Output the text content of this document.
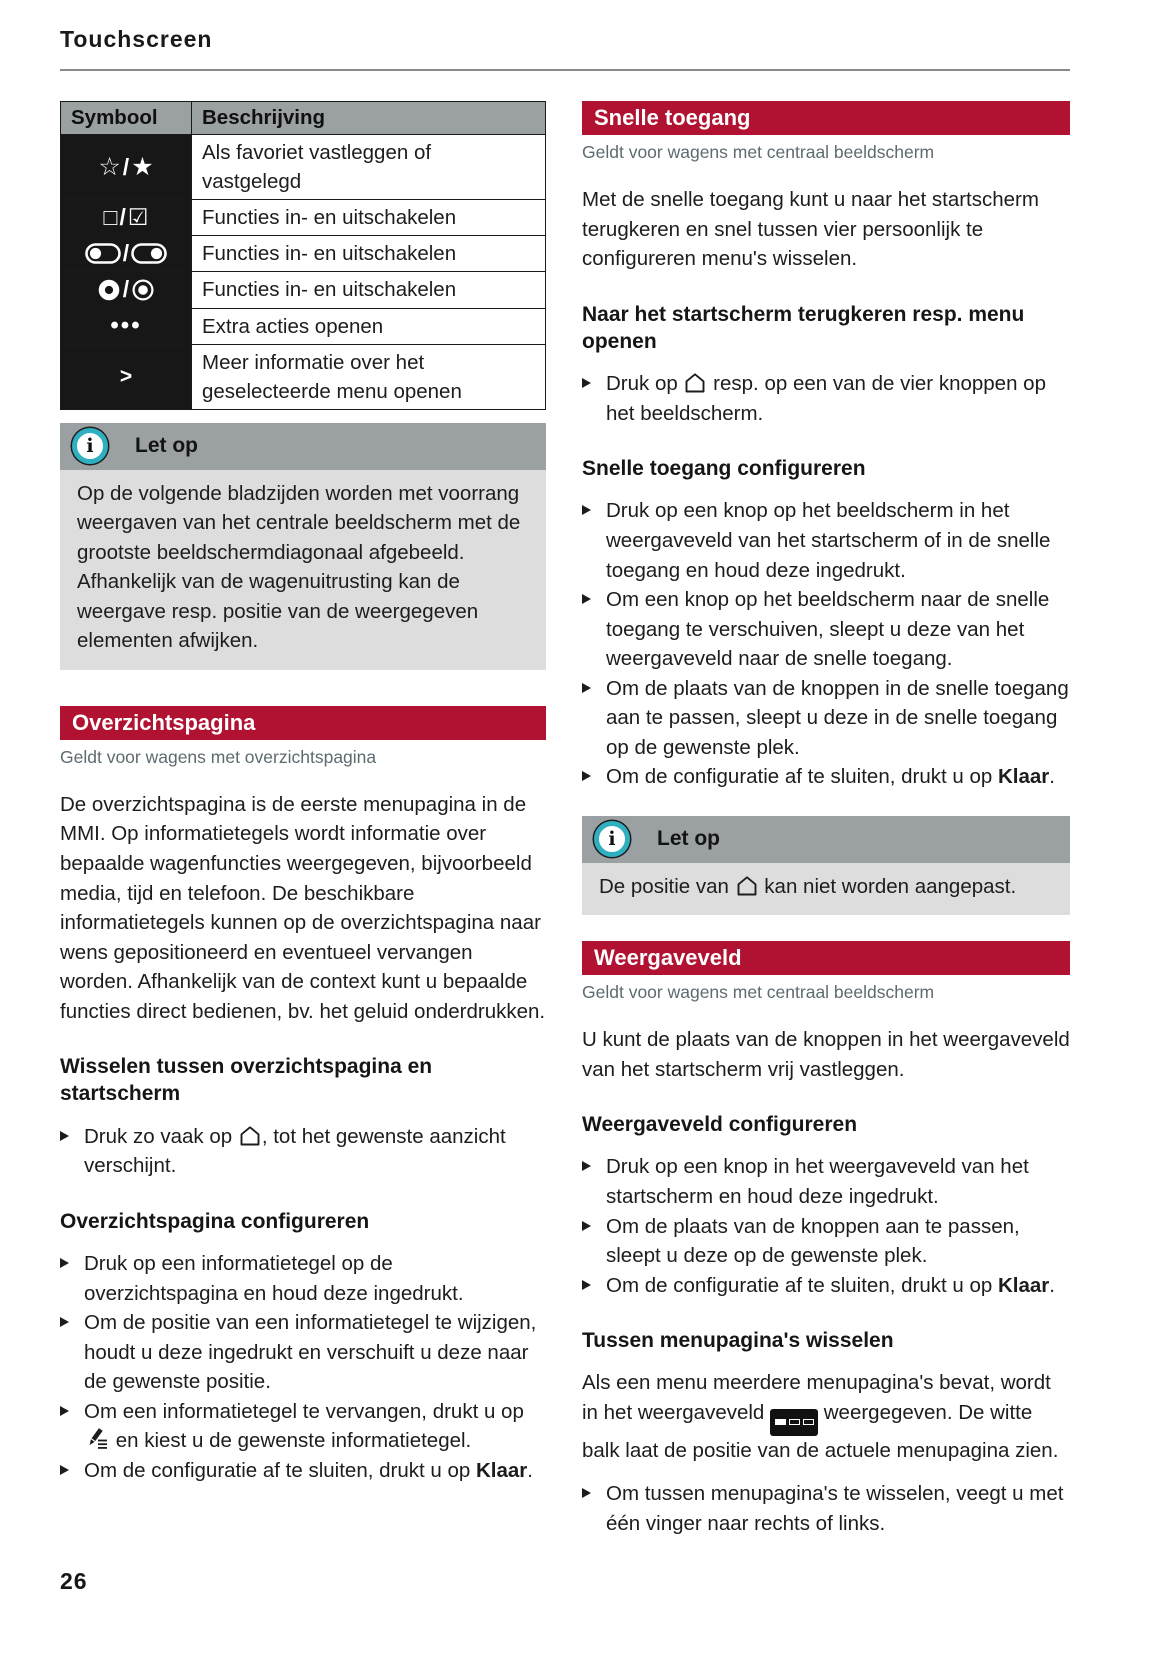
Touchscreen
Symbool	Beschrijving
☆/★	Als favoriet vastleggen of vastgelegd
□/☑	Functies in- en uitschakelen
/	Functies in- en uitschakelen
/	Functies in- en uitschakelen
•••	Extra acties openen
>	Meer informatie over het geselecteerde menu openen
i	Let op
Op de volgende bladzijden worden met voorrang weergaven van het centrale beeldscherm met de grootste beeldschermdiagonaal afgebeeld. Afhankelijk van de wagenuitrusting kan de weergave resp. positie van de weergegeven elementen afwijken.
Overzichtspagina
Geldt voor wagens met overzichtspagina

De overzichtspagina is de eerste menupagina in de MMI. Op informatietegels wordt informatie over bepaalde wagenfuncties weergegeven, bijvoorbeeld media, tijd en telefoon. De beschikbare informatietegels kunnen op de overzichtspagina naar wens gepositioneerd en eventueel vervangen worden. Afhankelijk van de context kunt u bepaalde functies direct bedienen, bv. het geluid onderdrukken.

Wisselen tussen overzichtspagina en startscherm

Druk zo vaak op , tot het gewenste aanzicht verschijnt.

Overzichtspagina configureren

Druk op een informatietegel op de overzichtspagina en houd deze ingedrukt.

Om de positie van een informatietegel te wijzigen, houdt u deze ingedrukt en verschuift u deze naar de gewenste positie.

Om een informatietegel te vervangen, drukt u op  en kiest u de gewenste informatietegel.

Om de configuratie af te sluiten, drukt u op Klaar.

Snelle toegang
Geldt voor wagens met centraal beeldscherm

Met de snelle toegang kunt u naar het startscherm terugkeren en snel tussen vier persoonlijk te configureren menu's wisselen.

Naar het startscherm terugkeren resp. menu openen

Druk op  resp. op een van de vier knoppen op het beeldscherm.

Snelle toegang configureren

Druk op een knop op het beeldscherm in het weergaveveld van het startscherm of in de snelle toegang en houd deze ingedrukt.

Om een knop op het beeldscherm naar de snelle toegang te verschuiven, sleept u deze van het weergaveveld naar de snelle toegang.

Om de plaats van de knoppen in de snelle toegang aan te passen, sleept u deze in de snelle toegang op de gewenste plek.

Om de configuratie af te sluiten, drukt u op Klaar.

i	Let op
De positie van  kan niet worden aangepast.
Weergaveveld
Geldt voor wagens met centraal beeldscherm

U kunt de plaats van de knoppen in het weergaveveld van het startscherm vrij vastleggen.

Weergaveveld configureren

Druk op een knop in het weergaveveld van het startscherm en houd deze ingedrukt.

Om de plaats van de knoppen aan te passen, sleept u deze op de gewenste plek.

Om de configuratie af te sluiten, drukt u op Klaar.

Tussen menupagina's wisselen

Als een menu meerdere menupagina's bevat, wordt in het weergaveveld
weergegeven. De witte balk laat de positie van de actuele menupagina zien.

Om tussen menupagina's te wisselen, veegt u met één vinger naar rechts of links.

26
